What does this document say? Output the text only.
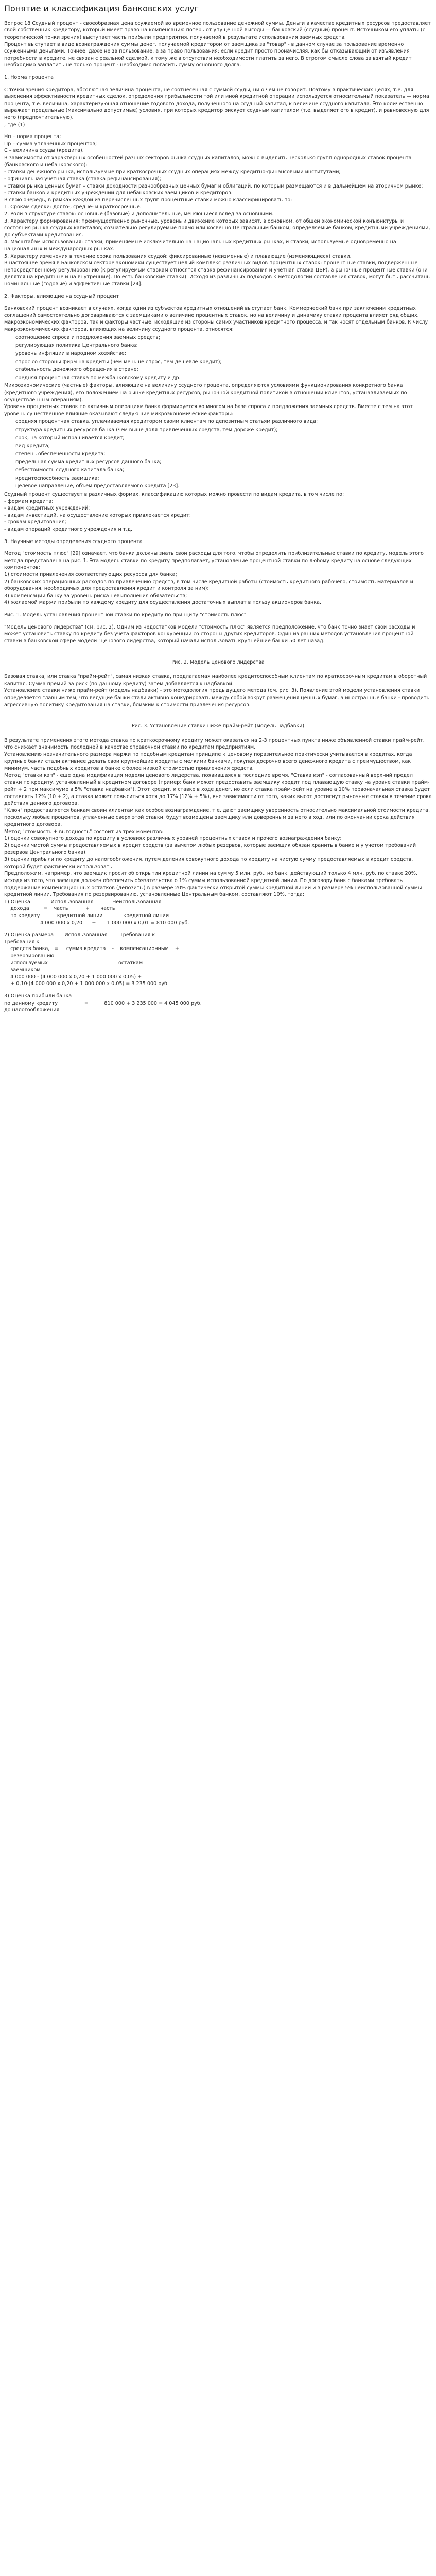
Понятие и классификация банковских услуг

Вопрос 18 Ссудный процент - своеобразная цена ссужаемой во временное пользование денежной суммы. Деньги в качестве кредитных ресурсов предоставляет свой собственник кредитору, который имеет право на компенсацию потерь от упущенной выгоды — банковский (ссудный) процент. Источником его уплаты (с теоретической точки зрения) выступает часть прибыли предприятия, получаемой в результате использования заемных средств.

Процент выступает в виде вознаграждения суммы денег, получаемой кредитором от заемщика за "товар" - в данном случае за пользование временно ссуженными деньгами. Точнее, даже не за пользование, а за право пользования: если кредит просто проначисляя, как бы отказывающий от изъявления потребности в кредите, не связан с реальной сделкой, к тому же в отсутствии необходимости платить за него. В строгом смысле слова за взятый кредит необходимо заплатить не только процент - необходимо погасить сумму основного долга.

1. Норма процента

С точки зрения кредитора, абсолютная величина процента, не соотнесенная с суммой ссуды, ни о чем не говорит. Поэтому в практических целях, т.е. для выяснения эффективности кредитных сделок, определения прибыльности той или иной кредитной операции используется относительный показатель — норма процента, т.е. величина, характеризующая отношение годового дохода, полученного на ссудный капитал, к величине ссудного капитала. Это количественно выражает предельные (максимально допустимые) условия, при которых кредитор рискует ссудным капиталом (т.е. выделяет его в кредит), и равновесную для него (предпочтительную).

, где (1)

Нп – норма процента;

Пр – сумма уплаченных процентов;

С – величина ссуды (кредита).

В зависимости от характерных особенностей разных секторов рынка ссудных капиталов, можно выделить несколько групп однородных ставок процента (банковского и небанковского):

- ставки денежного рынка, используемые при краткосрочных ссудных операциях между кредитно-финансовыми институтами;

- официальная учетная ставка (ставка рефинансирования);

- ставки рынка ценных бумаг – ставки доходности разнообразных ценных бумаг и облигаций, по которым размещаются и в дальнейшем на вторичном рынке;

- ставки банков и кредитных учреждений для небанковских заемщиков и кредиторов.

В свою очередь, в рамках каждой из перечисленных групп процентные ставки можно классифицировать по:

1. Срокам сделки: долго-, средне- и краткосрочные.

2. Роли в структуре ставок: основные (базовые) и дополнительные, меняющиеся вслед за основными.

3. Характеру формирования: преимущественно рыночные, уровень и движение которых зависят, в основном, от общей экономической конъюнктуры и состояния рынка ссудных капиталов; сознательно регулируемые прямо или косвенно Центральным банком; определяемые банком, кредитными учреждениями, до субъектами кредитования.

4. Масштабам использования: ставки, применяемые исключительно на национальных кредитных рынках, и ставки, используемые одновременно на национальных и международных рынках.

5. Характеру изменения в течение срока пользования ссудой: фиксированные (неизменные) и плавающие (изменяющиеся) ставки.

В настоящее время в Банковском секторе экономики существует целый комплекс различных видов процентных ставок: процентные ставки, подверженные непосредственному регулированию (к регулируемым ставкам относятся ставка рефинансирования и учетная ставка ЦБР), а рыночные процентные ставки (они делятся на кредитные и на внутренние). По есть банковские ставки). Исходя из различных подходов к методологии составления ставок, могут быть рассчитаны номинальные (годовые) и эффективные ставки [24].

2. Факторы, влияющие на ссудный процент

Банковский процент возникает в случаях, когда один из субъектов кредитных отношений выступает банк. Коммерческий банк при заключении кредитных соглашений самостоятельно договариваются с заемщиками о величине процентных ставок, но на величину и динамику ставки процента влияет ряд общих, макроэкономических факторов, так и факторы частные, исходящие из стороны самих участников кредитного процесса, и так носят отдельным банков. К числу макроэкономических факторов, влияющих на величину ссудного процента, относятся:

соотношение спроса и предложения заемных средств;
регулирующая политика Центрального банка;
уровень инфляции в народном хозяйстве;
спрос со стороны фирм на кредиты (чем меньше спрос, тем дешевле кредит);
стабильность денежного обращения в стране;
средняя процентная ставка по межбанковскому кредиту и др.

Микроэкономические (частные) факторы, влияющие на величину ссудного процента, определяются условиями функционирования конкретного банка (кредитного учреждения), его положением на рынке кредитных ресурсов, рыночной кредитной политикой в отношении клиентов, устанавливаемых по осуществленным операциям).

Уровень процентных ставок по активным операциям банка формируется во многом на базе спроса и предложения заемных средств. Вместе с тем на этот уровень существенное влияние оказывают следующие микроэкономические факторы:

средняя процентная ставка, уплачиваемая кредитором своим клиентам по депозитным статьям различного вида;
структура кредитных ресурсов банка (чем выше доля привлеченных средств, тем дороже кредит);
срок, на который испрашивается кредит;
вид кредита;
степень обеспеченности кредита;
предельная сумма кредитных ресурсов данного банка;
себестоимость ссудного капитала банка;
кредитоспособность заемщика;
целевое направление, объем предоставляемого кредита [23].

Ссудный процент существует в различных формах, классификацию которых можно провести по видам кредита, в том числе по:

- формам кредита;

- видам кредитных учреждений;

- видам инвестиций, на осуществление которых привлекается кредит;

- срокам кредитования;

- видам операций кредитного учреждения и т.д.

3. Научные методы определения ссудного процента

Метод "стоимость плюс" [29] означает, что банки должны знать свои расходы для того, чтобы определить приблизительные ставки по кредиту, модель этого метода представлена на рис. 1. Эта модель ставки по кредиту предполагает, установление процентной ставки по любому кредиту на основе следующих компонентов:

1) стоимости привлечения соответствующих ресурсов для банка;

2) банковских операционных расходов по привлечению средств, в том числе кредитной работы (стоимость кредитного рабочего, стоимость материалов и оборудования, необходимых для предоставления кредит и контроля за ним);

3) компенсации банку за уровень риска невыполнения обязательств;

4) желаемой маржи прибыли по каждому кредиту для осуществления достаточных выплат в пользу акционеров банка.

Рис. 1. Модель установления процентной ставки по кредиту по принципу "стоимость плюс"

"Модель ценового лидерства" (см. рис. 2). Одним из недостатков модели "стоимость плюс" является предположение, что банк точно знает свои расходы и может установить ставку по кредиту без учета факторов конкуренции со стороны других кредиторов. Один из ранних методов установления процентной ставки в банковской сфере модели "ценового лидерства, который начали использовать крупнейшие банки 50 лет назад.

Рис. 2. Модель ценового лидерства

Базовая ставка, или ставка "прайм-рейт", самая низкая ставка, предлагаемая наиболее кредитоспособным клиентам по краткосрочным кредитам в оборотный капитал. Сумма премий за риск (по данному кредиту) затем добавляется к надбавкой.

Установление ставки ниже прайм-рейт (модель надбавки) - это методология предыдущего метода (см. рис. 3). Появление этой модели установления ставки определяется главным тем, что ведущие банки стали активно конкурировать между собой вокруг размещения ценных бумаг, а иностранные банки - проводить агрессивную политику кредитования на ставки, близким к стоимости привлечения ресурсов.

Рис. 3. Установление ставки ниже прайм-рейт (модель надбавки)

В результате применения этого метода ставка по краткосрочному кредиту может оказаться на 2-3 процентных пункта ниже объявленной ставки прайм-рейт, что снижает значимость последней в качестве справочной ставки по кредитам предприятиям.

Установлению незначительного размера маржи по подобным кредитам принципе к ценовому поразительное практически учитывается в кредитах, когда крупные банки стали активнее делать свои крупнейшие кредиты с мелкими банками, покупая досрочно всего денежного кредита с преимуществом, как минимум, часть подобных кредитов в банке с более низкой стоимостью привлечения средств.

Метод "ставки кэп" - еще одна модификация модели ценового лидерства, появившаяся в последние время. "Ставка кэп" - согласованный верхний предел ставки по кредиту, установленный в кредитном договоре (пример: банк может предоставить заемщику кредит под плавающую ставку на уровне ставки прайм-рейт + 2 при максимуме в 5% "ставка надбавки"). Этот кредит, к ставке в ходе денег, но если ставка прайм-рейт на уровне а 10% первоначальная ставка будет составлять 12% (10 + 2), а ставка может повыситься хотя до 17% (12% + 5%), вне зависимости от того, каких высот достигнут рыночные ставки в течение срока действия данного договора.

"Ключ" предоставляется банкам своим клиентам как особое вознаграждение, т.е. дают заемщику уверенность относительно максимальной стоимости кредита, поскольку любые процентов, уплаченные сверх этой ставки, будут возмещены заемщику или доверенным за него в ход, или по окончании срока действия кредитного договора.

Метод "стоимость + выгодность" состоит из трех моментов:

1) оценки совокупного дохода по кредиту в условиях различных уровней процентных ставок и прочего вознаграждения банку;

2) оценки чистой суммы предоставляемых в кредит средств (за вычетом любых резервов, которые заемщик обязан хранить в банке и у учетом требований резервов Центрального банка);

3) оценки прибыли по кредиту до налогообложения, путем деления совокупного дохода по кредиту на чистую сумму предоставляемых в кредит средств, которой будет фактически использовать.

Предположим, например, что заемщик просит об открытии кредитной линии на сумму 5 млн. руб., но банк, действующий только 4 млн. руб. по ставке 20%, исходя из того, что заемщик должен обеспечить обязательства о 1% суммы использованной кредитной линии. По договору банк с банками требовать поддержание компенсационных остатков (депозиты) в размере 20% фактически открытой суммы кредитной линии и в размере 5% неиспользованной суммы кредитной линии. Требования по резервированию, установленные Центральным банком, составляют 10%, тогда:

1) Оценка             Использованная            Неиспользованная
дохода         =    часть           +       часть
по кредиту           кредитной линии             кредитной линии
4 000 000 х 0,20      +       1 000 000 х 0,01 = 810 000 руб.

2) Оценка размера       Использованная        Требования к
Требования к
средств банка,   =     сумма кредита    -    компенсационным    +
резервированию
используемых                                             остаткам
заемщиком
4 000 000 - (4 000 000 х 0,20 + 1 000 000 х 0,05) +
+ 0,10·(4 000 000 х 0,20 + 1 000 000 х 0,05) = 3 235 000 руб.

3) Оценка прибыли банка
по данному кредиту                 =          810 000 + 3 235 000 = 4 045 000 руб.
до налогообложения
